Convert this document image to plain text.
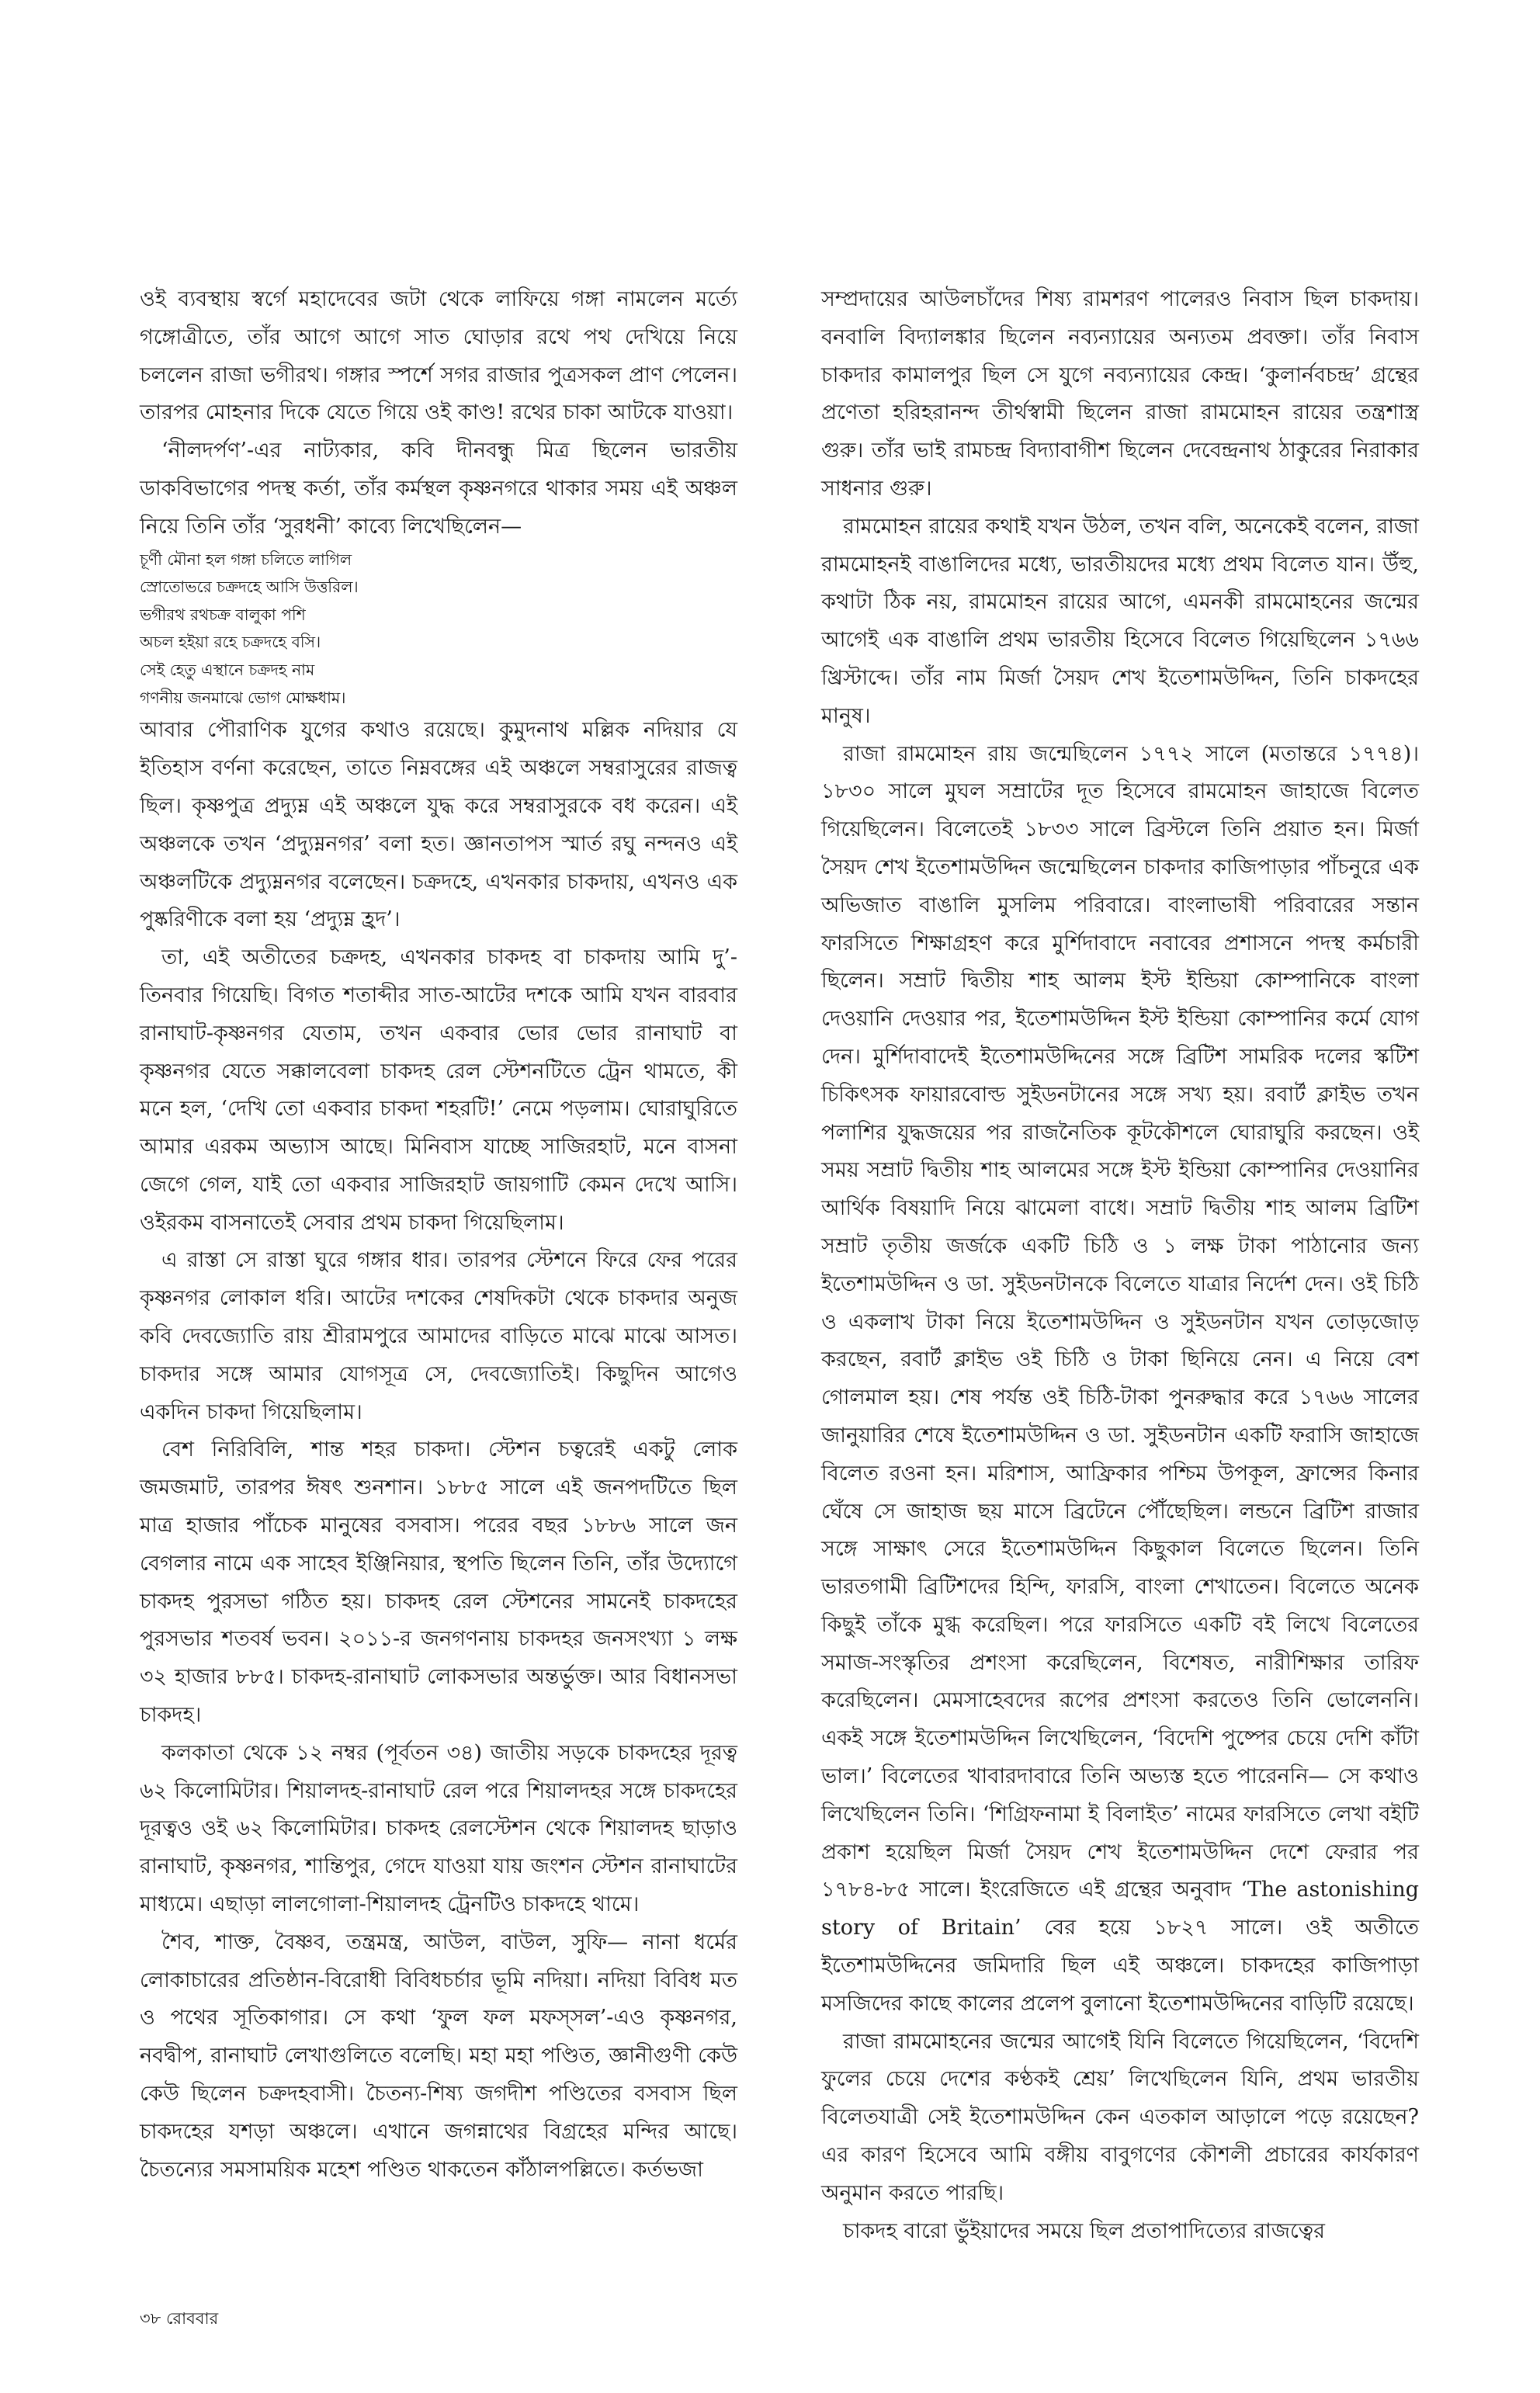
ওই ব্যবস্থায় স্বর্গে মহাদেবের জটা থেকে লাফিয়ে গঙ্গা নামলেন মর্ত্যে গঙ্গোত্রীতে, তাঁর আগে আগে সাত ঘোড়ার রথে পথ দেখিয়ে নিয়ে চললেন রাজা ভগীরথ। গঙ্গার স্পর্শে সগর রাজার পুত্রসকল প্রাণ পেলেন। তারপর মোহনার দিকে যেতে গিয়ে ওই কাণ্ড! রথের চাকা আটকে যাওয়া।

‘নীলদর্পণ’-এর নাট্যকার, কবি দীনবন্ধু মিত্র ছিলেন ভারতীয় ডাকবিভাগের পদস্থ কর্তা, তাঁর কর্মস্থল কৃষ্ণনগরে থাকার সময় এই অঞ্চল নিয়ে তিনি তাঁর ‘সুরধনী’ কাব্যে লিখেছিলেন—

চূর্ণী মৌনা হল গঙ্গা চলিতে লাগিল

স্রোতোভরে চক্রদহে আসি উত্তরিল।

ভগীরথ রথচক্র বালুকা পশি

অচল হইয়া রহে চক্রদহে বসি।

সেই হেতু এস্থানে চক্রদহ নাম

গণনীয় জনমাঝে ভোগ মোক্ষধাম।

আবার পৌরাণিক যুগের কথাও রয়েছে। কুমুদনাথ মল্লিক নদিয়ার যে ইতিহাস বর্ণনা করেছেন, তাতে নিম্নবঙ্গের এই অঞ্চলে সম্বরাসুরের রাজত্ব ছিল। কৃষ্ণপুত্র প্রদ্যুম্ন এই অঞ্চলে যুদ্ধ করে সম্বরাসুরকে বধ করেন। এই অঞ্চলকে তখন ‘প্রদ্যুম্ননগর’ বলা হত। জ্ঞানতাপস স্মার্ত রঘু নন্দনও এই অঞ্চলটিকে প্রদ্যুম্ননগর বলেছেন। চক্রদহে, এখনকার চাকদায়, এখনও এক পুষ্করিণীকে বলা হয় ‘প্রদ্যুম্ন হ্রদ’।

তা, এই অতীতের চক্রদহ, এখনকার চাকদহ বা চাকদায় আমি দু’-তিনবার গিয়েছি। বিগত শতাব্দীর সাত-আটের দশকে আমি যখন বারবার রানাঘাট-কৃষ্ণনগর যেতাম, তখন একবার ভোর ভোর রানাঘাট বা কৃষ্ণনগর যেতে সক্কালবেলা চাকদহ রেল স্টেশনটিতে ট্রেন থামতে, কী মনে হল, ‘দেখি তো একবার চাকদা শহরটি!’ নেমে পড়লাম। ঘোরাঘুরিতে আমার এরকম অভ্যাস আছে। মিনিবাস যাচ্ছে সাজিরহাট, মনে বাসনা জেগে গেল, যাই তো একবার সাজিরহাট জায়গাটি কেমন দেখে আসি। ওইরকম বাসনাতেই সেবার প্রথম চাকদা গিয়েছিলাম।

এ রাস্তা সে রাস্তা ঘুরে গঙ্গার ধার। তারপর স্টেশনে ফিরে ফের পরের কৃষ্ণনগর লোকাল ধরি। আটের দশকের শেষদিকটা থেকে চাকদার অনুজ কবি দেবজ্যোতি রায় শ্রীরামপুরে আমাদের বাড়িতে মাঝে মাঝে আসত। চাকদার সঙ্গে আমার যোগসূত্র সে, দেবজ্যোতিই। কিছুদিন আগেও একদিন চাকদা গিয়েছিলাম।

বেশ নিরিবিলি, শান্ত শহর চাকদা। স্টেশন চত্বরেই একটু লোক জমজমাট, তারপর ঈষৎ শুনশান। ১৮৮৫ সালে এই জনপদটিতে ছিল মাত্র হাজার পাঁচেক মানুষের বসবাস। পরের বছর ১৮৮৬ সালে জন বেগলার নামে এক সাহেব ইঞ্জিনিয়ার, স্থপতি ছিলেন তিনি, তাঁর উদ্যোগে চাকদহ পুরসভা গঠিত হয়। চাকদহ রেল স্টেশনের সামনেই চাকদহের পুরসভার শতবর্ষ ভবন। ২০১১-র জনগণনায় চাকদহর জনসংখ্যা ১ লক্ষ ৩২ হাজার ৮৮৫। চাকদহ-রানাঘাট লোকসভার অন্তর্ভুক্ত। আর বিধানসভা চাকদহ।

কলকাতা থেকে ১২ নম্বর (পূর্বতন ৩৪) জাতীয় সড়কে চাকদহের দূরত্ব ৬২ কিলোমিটার। শিয়ালদহ-রানাঘাট রেল পরে শিয়ালদহর সঙ্গে চাকদহের দূরত্বও ওই ৬২ কিলোমিটার। চাকদহ রেলস্টেশন থেকে শিয়ালদহ ছাড়াও রানাঘাট, কৃষ্ণনগর, শান্তিপুর, গেদে যাওয়া যায় জংশন স্টেশন রানাঘাটের মাধ্যমে। এছাড়া লালগোলা-শিয়ালদহ ট্রেনটিও চাকদহে থামে।

শৈব, শাক্ত, বৈষ্ণব, তন্ত্রমন্ত্র, আউল, বাউল, সুফি— নানা ধর্মের লোকাচারের প্রতিষ্ঠান-বিরোধী বিবিধচর্চার ভূমি নদিয়া। নদিয়া বিবিধ মত ও পথের সূতিকাগার। সে কথা ‘ফুল ফল মফস্সল’-এও কৃষ্ণনগর, নবদ্বীপ, রানাঘাট লেখাগুলিতে বলেছি। মহা মহা পণ্ডিত, জ্ঞানীগুণী কেউ কেউ ছিলেন চক্রদহবাসী। চৈতন্য-শিষ্য জগদীশ পণ্ডিতের বসবাস ছিল চাকদহের যশড়া অঞ্চলে। এখানে জগন্নাথের বিগ্রহের মন্দির আছে। চৈতন্যের সমসাময়িক মহেশ পণ্ডিত থাকতেন কাঁঠালপল্লিতে। কর্তভজা

সম্প্রদায়ের আউলচাঁদের শিষ্য রামশরণ পালেরও নিবাস ছিল চাকদায়। বনবালি বিদ্যালঙ্কার ছিলেন নব্যন্যায়ের অন্যতম প্রবক্তা। তাঁর নিবাস চাকদার কামালপুর ছিল সে যুগে নব্যন্যায়ের কেন্দ্র। ‘কুলার্নবচন্দ্র’ গ্রন্থের প্রণেতা হরিহরানন্দ তীর্থস্বামী ছিলেন রাজা রামমোহন রায়ের তন্ত্রশাস্ত্র গুরু। তাঁর ভাই রামচন্দ্র বিদ্যাবাগীশ ছিলেন দেবেন্দ্রনাথ ঠাকুরের নিরাকার সাধনার গুরু।

রামমোহন রায়ের কথাই যখন উঠল, তখন বলি, অনেকেই বলেন, রাজা রামমোহনই বাঙালিদের মধ্যে, ভারতীয়দের মধ্যে প্রথম বিলেত যান। উঁহু, কথাটা ঠিক নয়, রামমোহন রায়ের আগে, এমনকী রামমোহনের জন্মের আগেই এক বাঙালি প্রথম ভারতীয় হিসেবে বিলেত গিয়েছিলেন ১৭৬৬ খ্রিস্টাব্দে। তাঁর নাম মির্জা সৈয়দ শেখ ইতেশামউদ্দিন, তিনি চাকদহের মানুষ।

রাজা রামমোহন রায় জন্মেছিলেন ১৭৭২ সালে (মতান্তরে ১৭৭৪)। ১৮৩০ সালে মুঘল সম্রাটের দূত হিসেবে রামমোহন জাহাজে বিলেত গিয়েছিলেন। বিলেতেই ১৮৩৩ সালে ব্রিস্টলে তিনি প্রয়াত হন। মির্জা সৈয়দ শেখ ইতেশামউদ্দিন জন্মেছিলেন চাকদার কাজিপাড়ার পাঁচনুরে এক অভিজাত বাঙালি মুসলিম পরিবারে। বাংলাভাষী পরিবারের সন্তান ফারসিতে শিক্ষাগ্রহণ করে মুর্শিদাবাদে নবাবের প্রশাসনে পদস্থ কর্মচারী ছিলেন। সম্রাট দ্বিতীয় শাহ আলম ইস্ট ইন্ডিয়া কোম্পানিকে বাংলা দেওয়ানি দেওয়ার পর, ইতেশামউদ্দিন ইস্ট ইন্ডিয়া কোম্পানির কর্মে যোগ দেন। মুর্শিদাবাদেই ইতেশামউদ্দিনের সঙ্গে ব্রিটিশ সামরিক দলের স্কটিশ চিকিৎসক ফায়ারবোল্ড সুইডনটানের সঙ্গে সখ্য হয়। রবার্ট ক্লাইভ তখন পলাশির যুদ্ধজয়ের পর রাজনৈতিক কূটকৌশলে ঘোরাঘুরি করছেন। ওই সময় সম্রাট দ্বিতীয় শাহ আলমের সঙ্গে ইস্ট ইন্ডিয়া কোম্পানির দেওয়ানির আর্থিক বিষয়াদি নিয়ে ঝামেলা বাধে। সম্রাট দ্বিতীয় শাহ আলম ব্রিটিশ সম্রাট তৃতীয় জর্জকে একটি চিঠি ও ১ লক্ষ টাকা পাঠানোর জন্য ইতেশামউদ্দিন ও ডা. সুইডনটানকে বিলেতে যাত্রার নির্দেশ দেন। ওই চিঠি ও একলাখ টাকা নিয়ে ইতেশামউদ্দিন ও সুইডনটান যখন তোড়জোড় করছেন, রবার্ট ক্লাইভ ওই চিঠি ও টাকা ছিনিয়ে নেন। এ নিয়ে বেশ গোলমাল হয়। শেষ পর্যন্ত ওই চিঠি-টাকা পুনরুদ্ধার করে ১৭৬৬ সালের জানুয়ারির শেষে ইতেশামউদ্দিন ও ডা. সুইডনটান একটি ফরাসি জাহাজে বিলেত রওনা হন। মরিশাস, আফ্রিকার পশ্চিম উপকূল, ফ্রান্সের কিনার ঘেঁষে সে জাহাজ ছয় মাসে ব্রিটেনে পৌঁছেছিল। লন্ডনে ব্রিটিশ রাজার সঙ্গে সাক্ষাৎ সেরে ইতেশামউদ্দিন কিছুকাল বিলেতে ছিলেন। তিনি ভারতগামী ব্রিটিশদের হিন্দি, ফারসি, বাংলা শেখাতেন। বিলেতে অনেক কিছুই তাঁকে মুগ্ধ করেছিল। পরে ফারসিতে একটি বই লিখে বিলেতের সমাজ-সংস্কৃতির প্রশংসা করেছিলেন, বিশেষত, নারীশিক্ষার তারিফ করেছিলেন। মেমসাহেবদের রূপের প্রশংসা করতেও তিনি ভোলেননি। একই সঙ্গে ইতেশামউদ্দিন লিখেছিলেন, ‘বিদেশি পুষ্পের চেয়ে দেশি কাঁটা ভাল।’ বিলেতের খাবারদাবারে তিনি অভ্যস্ত হতে পারেননি— সে কথাও লিখেছিলেন তিনি। ‘শিগ্রিফনামা ই বিলাইত’ নামের ফারসিতে লেখা বইটি প্রকাশ হয়েছিল মির্জা সৈয়দ শেখ ইতেশামউদ্দিন দেশে ফেরার পর ১৭৮৪-৮৫ সালে। ইংরেজিতে এই গ্রন্থের অনুবাদ ‘The astonishing story of Britain’ বের হয়ে ১৮২৭ সালে। ওই অতীতে ইতেশামউদ্দিনের জমিদারি ছিল এই অঞ্চলে। চাকদহের কাজিপাড়া মসজিদের কাছে কালের প্রলেপ বুলানো ইতেশামউদ্দিনের বাড়িটি রয়েছে।

রাজা রামমোহনের জন্মের আগেই যিনি বিলেতে গিয়েছিলেন, ‘বিদেশি ফুলের চেয়ে দেশের কণ্ঠকই শ্রেয়’ লিখেছিলেন যিনি, প্রথম ভারতীয় বিলেতযাত্রী সেই ইতেশামউদ্দিন কেন এতকাল আড়ালে পড়ে রয়েছেন? এর কারণ হিসেবে আমি বঙ্গীয় বাবুগণের কৌশলী প্রচারের কার্যকারণ অনুমান করতে পারছি।

চাকদহ বারো ভুঁইয়াদের সময়ে ছিল প্রতাপাদিত্যের রাজত্বের

৩৮ রোববার
